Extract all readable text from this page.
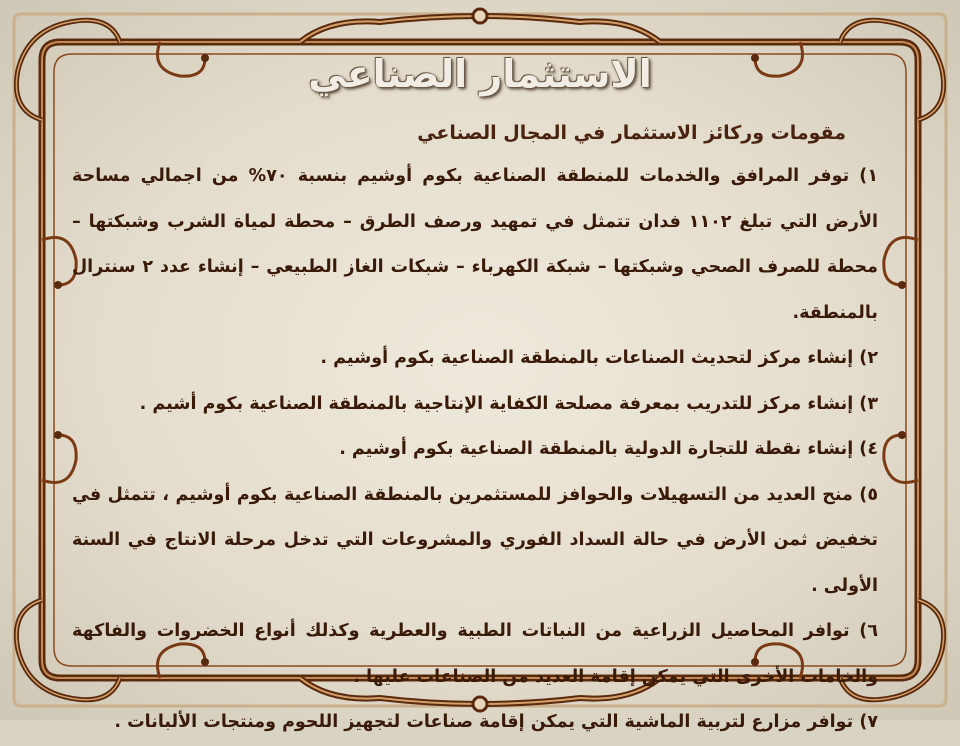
الاستثمار الصناعي

مقومات وركائز الاستثمار في المجال الصناعي

١) توفر المرافق والخدمات للمنطقة الصناعية بكوم أوشيم بنسبة ٧٠% من اجمالي مساحة الأرض التي تبلغ ١١٠٢ فدان تتمثل في تمهيد ورصف الطرق – محطة لمياة الشرب وشبكتها – محطة للصرف الصحي وشبكتها – شبكة الكهرباء – شبكات الغاز الطبيعي – إنشاء عدد ٢ سنترال بالمنطقة.

٢) إنشاء مركز لتحديث الصناعات بالمنطقة الصناعية بكوم أوشيم .

٣) إنشاء مركز للتدريب بمعرفة مصلحة الكفاية الإنتاجية بالمنطقة الصناعية بكوم أشيم .

٤) إنشاء نقطة للتجارة الدولية بالمنطقة الصناعية بكوم أوشيم .

٥) منح العديد من التسهيلات والحوافز للمستثمرين بالمنطقة الصناعية بكوم أوشيم ، تتمثل في تخفيض ثمن الأرض في حالة السداد الفوري والمشروعات التي تدخل مرحلة الانتاج في السنة الأولى .

٦) توافر المحاصيل الزراعية من النباتات الطبية والعطرية وكذلك أنواع الخضروات والفاكهة والخامات الأخرى التي يمكن إقامة العديد من الصناعات عليها .

٧) توافر مزارع لتربية الماشية التي يمكن إقامة صناعات لتجهيز اللحوم ومنتجات الألبانات .
